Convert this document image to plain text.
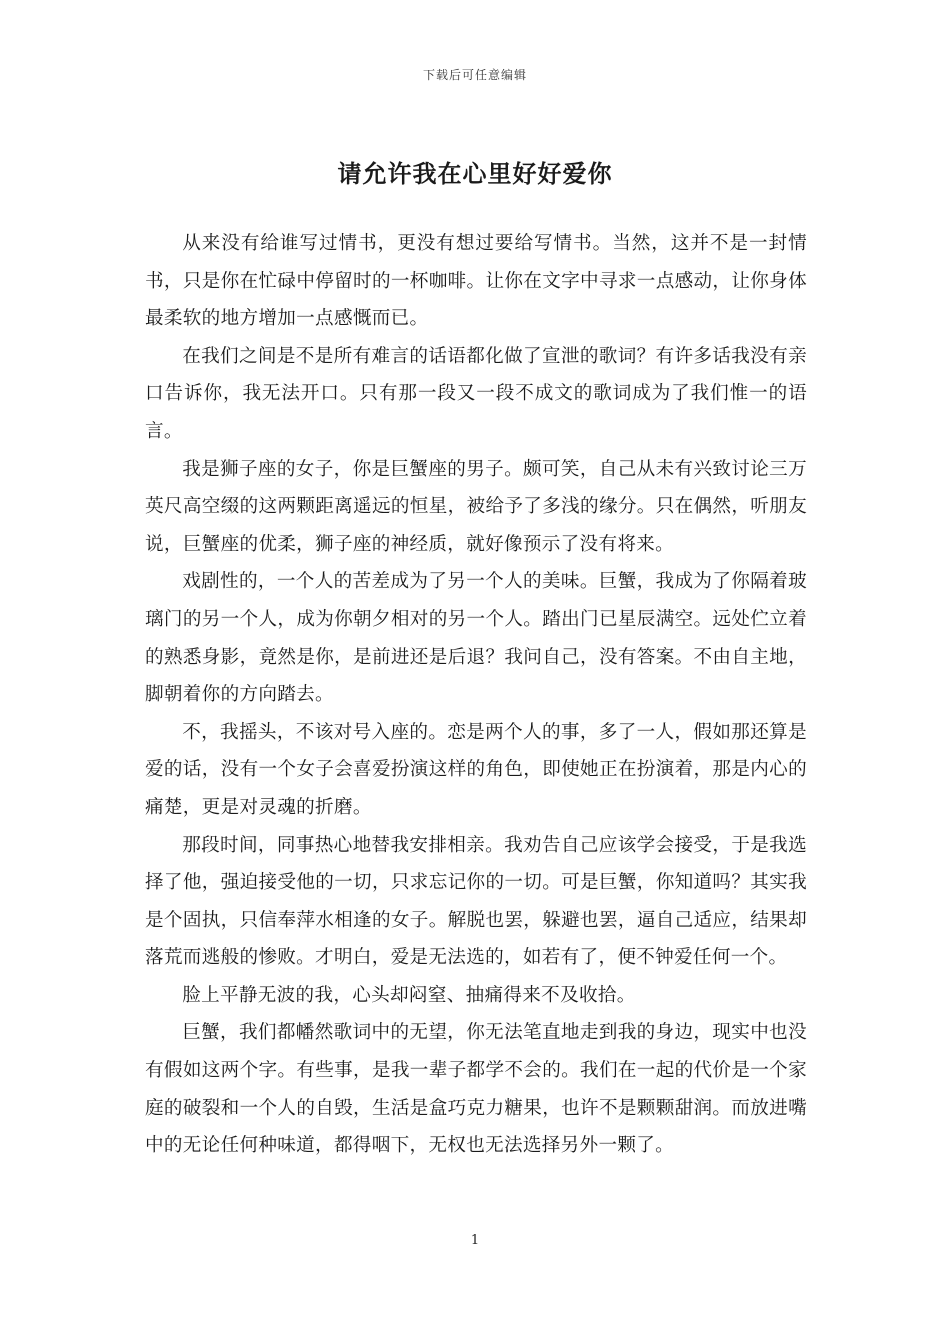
下载后可任意编辑
请允许我在心里好好爱你

从来没有给谁写过情书，更没有想过要给写情书。当然，这并不是一封情书，只是你在忙碌中停留时的一杯咖啡。让你在文字中寻求一点感动，让你身体最柔软的地方增加一点感慨而已。

在我们之间是不是所有难言的话语都化做了宣泄的歌词？有许多话我没有亲口告诉你，我无法开口。只有那一段又一段不成文的歌词成为了我们惟一的语言。

我是狮子座的女子，你是巨蟹座的男子。颇可笑，自己从未有兴致讨论三万英尺高空缀的这两颗距离遥远的恒星，被给予了多浅的缘分。只在偶然，听朋友说，巨蟹座的优柔，狮子座的神经质，就好像预示了没有将来。

戏剧性的，一个人的苦差成为了另一个人的美味。巨蟹，我成为了你隔着玻璃门的另一个人，成为你朝夕相对的另一个人。踏出门已星辰满空。远处伫立着的熟悉身影，竟然是你，是前进还是后退？我问自己，没有答案。不由自主地，脚朝着你的方向踏去。

不，我摇头，不该对号入座的。恋是两个人的事，多了一人，假如那还算是爱的话，没有一个女子会喜爱扮演这样的角色，即使她正在扮演着，那是内心的痛楚，更是对灵魂的折磨。

那段时间，同事热心地替我安排相亲。我劝告自己应该学会接受，于是我选择了他，强迫接受他的一切，只求忘记你的一切。可是巨蟹，你知道吗？其实我是个固执，只信奉萍水相逢的女子。解脱也罢，躲避也罢，逼自己适应，结果却落荒而逃般的惨败。才明白，爱是无法选的，如若有了，便不钟爱任何一个。

脸上平静无波的我，心头却闷窒、抽痛得来不及收拾。

巨蟹，我们都幡然歌词中的无望，你无法笔直地走到我的身边，现实中也没有假如这两个字。有些事，是我一辈子都学不会的。我们在一起的代价是一个家庭的破裂和一个人的自毁，生活是盒巧克力糖果，也许不是颗颗甜润。而放进嘴中的无论任何种味道，都得咽下，无权也无法选择另外一颗了。

1
